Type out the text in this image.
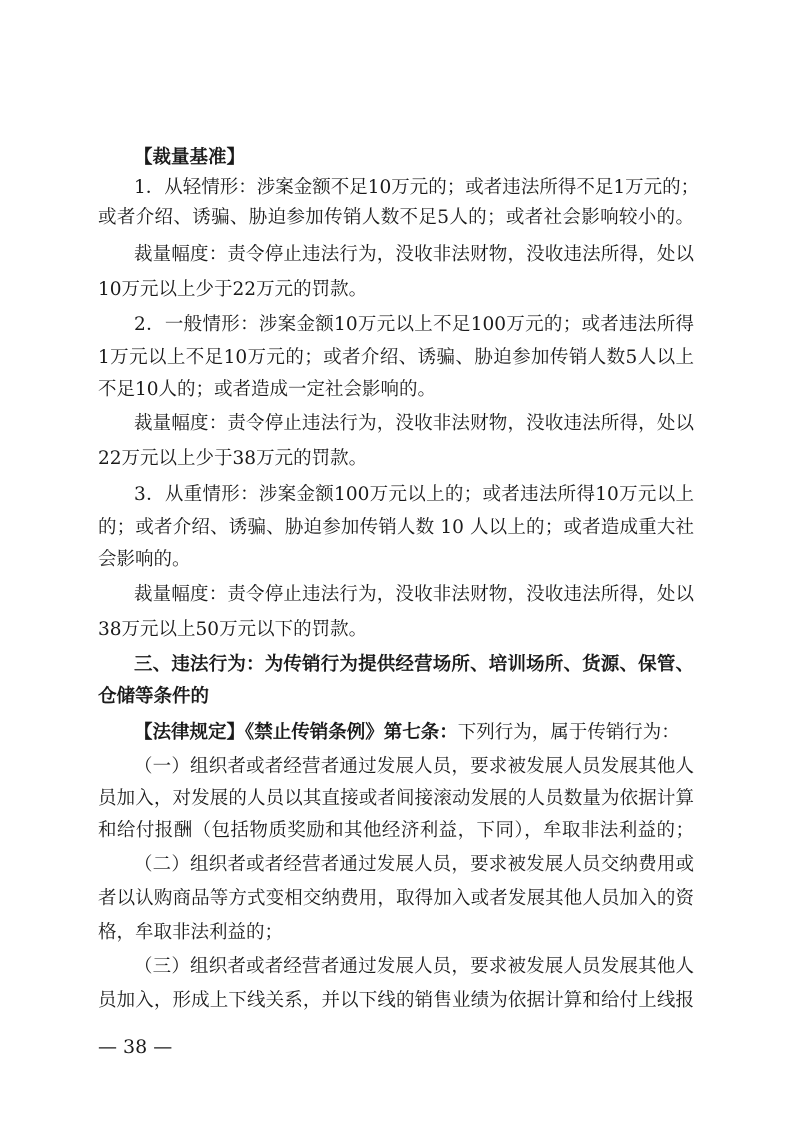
【裁量基准】
1．从轻情形：涉案金额不足10万元的；或者违法所得不足1万元的；
或者介绍、诱骗、胁迫参加传销人数不足5人的；或者社会影响较小的。
裁量幅度：责令停止违法行为，没收非法财物，没收违法所得，处以
10万元以上少于22万元的罚款。
2．一般情形：涉案金额10万元以上不足100万元的；或者违法所得
1万元以上不足10万元的；或者介绍、诱骗、胁迫参加传销人数5人以上
不足10人的；或者造成一定社会影响的。
裁量幅度：责令停止违法行为，没收非法财物，没收违法所得，处以
22万元以上少于38万元的罚款。
3．从重情形：涉案金额100万元以上的；或者违法所得10万元以上
的；或者介绍、诱骗、胁迫参加传销人数 10 人以上的；或者造成重大社
会影响的。
裁量幅度：责令停止违法行为，没收非法财物，没收违法所得，处以
38万元以上50万元以下的罚款。
三、违法行为：为传销行为提供经营场所、培训场所、货源、保管、
仓储等条件的
【法律规定】《禁止传销条例》第七条：下列行为，属于传销行为：
（一）组织者或者经营者通过发展人员，要求被发展人员发展其他人
员加入，对发展的人员以其直接或者间接滚动发展的人员数量为依据计算
和给付报酬（包括物质奖励和其他经济利益，下同），牟取非法利益的；
（二）组织者或者经营者通过发展人员，要求被发展人员交纳费用或
者以认购商品等方式变相交纳费用，取得加入或者发展其他人员加入的资
格，牟取非法利益的；
（三）组织者或者经营者通过发展人员，要求被发展人员发展其他人
员加入，形成上下线关系，并以下线的销售业绩为依据计算和给付上线报
— 38 —
